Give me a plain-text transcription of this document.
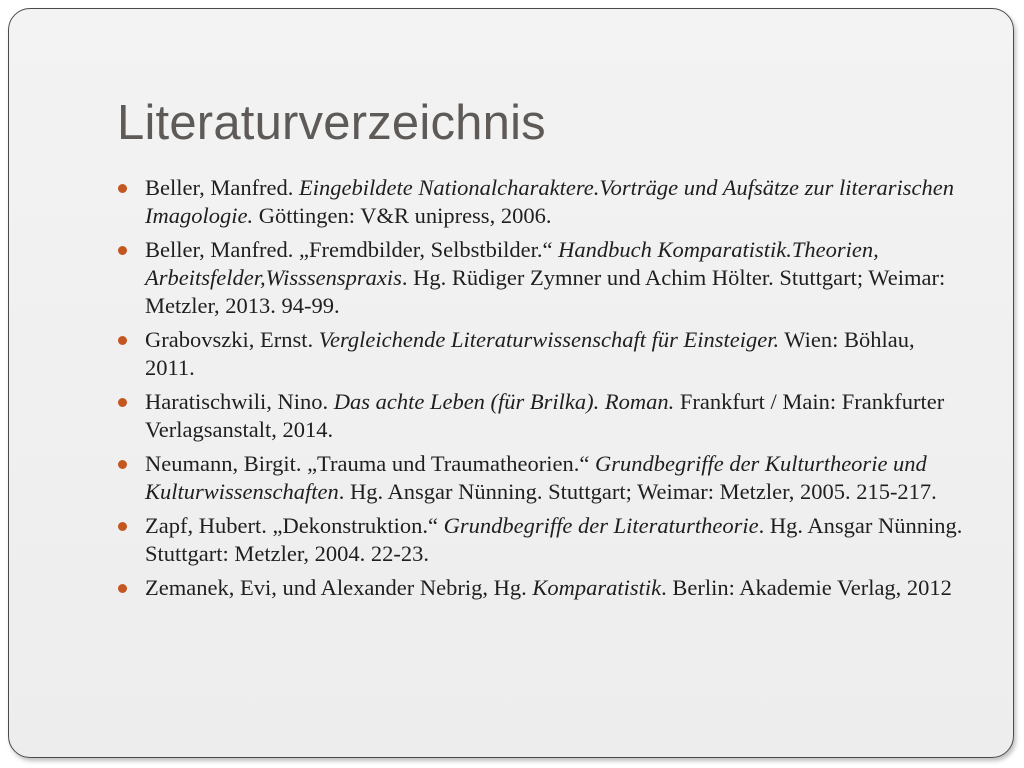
Literaturverzeichnis
Beller, Manfred. Eingebildete Nationalcharaktere.Vorträge und Aufsätze zur literarischen Imagologie. Göttingen: V&R unipress, 2006.
Beller, Manfred. „Fremdbilder, Selbstbilder.“ Handbuch Komparatistik.Theorien, Arbeitsfelder,Wisssenspraxis. Hg. Rüdiger Zymner und Achim Hölter. Stuttgart; Weimar: Metzler, 2013. 94-99.
Grabovszki, Ernst. Vergleichende Literaturwissenschaft für Einsteiger. Wien: Böhlau, 2011.
Haratischwili, Nino. Das achte Leben (für Brilka). Roman. Frankfurt / Main: Frankfurter Verlagsanstalt, 2014.
Neumann, Birgit. „Trauma und Traumatheorien.“ Grundbegriffe der Kulturtheorie und Kulturwissenschaften. Hg. Ansgar Nünning. Stuttgart; Weimar: Metzler, 2005. 215-217.
Zapf, Hubert. „Dekonstruktion.“ Grundbegriffe der Literaturtheorie. Hg. Ansgar Nünning. Stuttgart: Metzler, 2004. 22-23.
Zemanek, Evi, und Alexander Nebrig, Hg. Komparatistik. Berlin: Akademie Verlag, 2012
